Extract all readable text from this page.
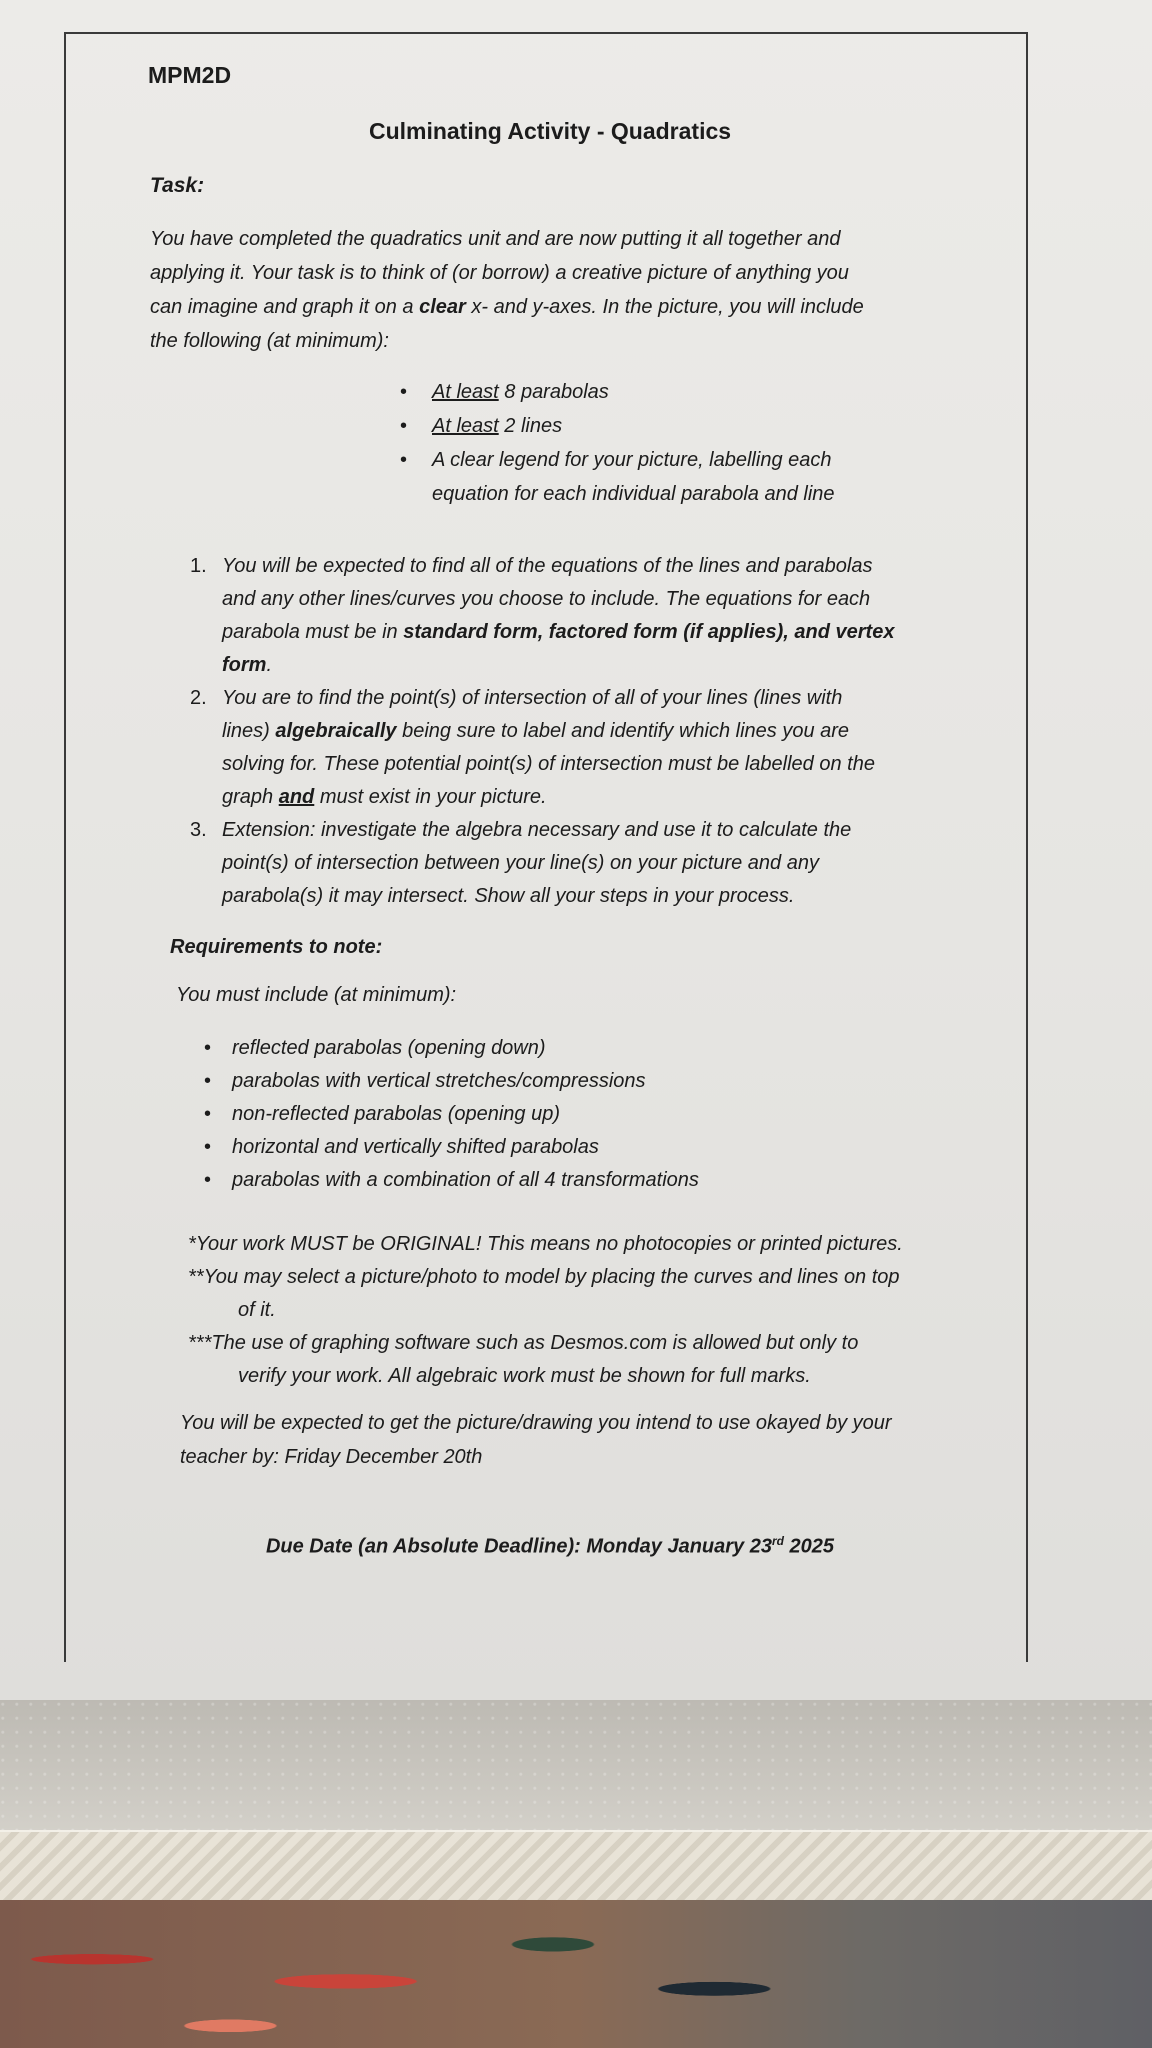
MPM2D

Culminating Activity - Quadratics

Task:

You have completed the quadratics unit and are now putting it all together and
applying it. Your task is to think of (or borrow) a creative picture of anything you
can imagine and graph it on a clear x- and y-axes. In the picture, you will include
the following (at minimum):
• At least 8 parabolas
• At least 2 lines
• A clear legend for your picture, labelling each
equation for each individual parabola and line
1. You will be expected to find all of the equations of the lines and parabolas
and any other lines/curves you choose to include. The equations for each
parabola must be in standard form, factored form (if applies), and vertex
form.
2. You are to find the point(s) of intersection of all of your lines (lines with
lines) algebraically being sure to label and identify which lines you are
solving for. These potential point(s) of intersection must be labelled on the
graph and must exist in your picture.
3. Extension: investigate the algebra necessary and use it to calculate the
point(s) of intersection between your line(s) on your picture and any
parabola(s) it may intersect. Show all your steps in your process.

Requirements to note:

You must include (at minimum):

• reflected parabolas (opening down)
• parabolas with vertical stretches/compressions
• non-reflected parabolas (opening up)
• horizontal and vertically shifted parabolas
• parabolas with a combination of all 4 transformations
*Your work MUST be ORIGINAL! This means no photocopies or printed pictures.
**You may select a picture/photo to model by placing the curves and lines on top
of it.
***The use of graphing software such as Desmos.com is allowed but only to
verify your work. All algebraic work must be shown for full marks.
You will be expected to get the picture/drawing you intend to use okayed by your
teacher by: Friday December 20th

Due Date (an Absolute Deadline): Monday January 23rd 2025
